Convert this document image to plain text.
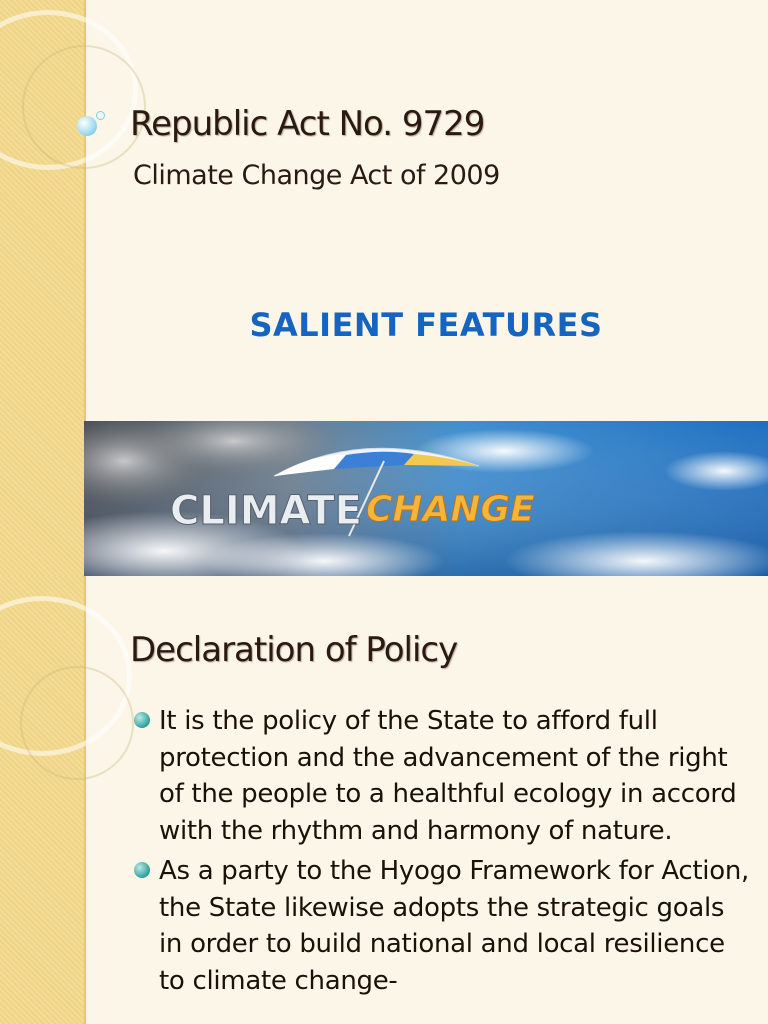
Republic Act No. 9729
Climate Change Act of 2009
SALIENT FEATURES
CLIMATE CHANGE
Declaration of Policy
It is the policy of the State to afford full protection and the advancement of the right of the people to a healthful ecology in accord with the rhythm and harmony of nature.
As a party to the Hyogo Framework for Action, the State likewise adopts the strategic goals in order to build national and local resilience to climate change-
